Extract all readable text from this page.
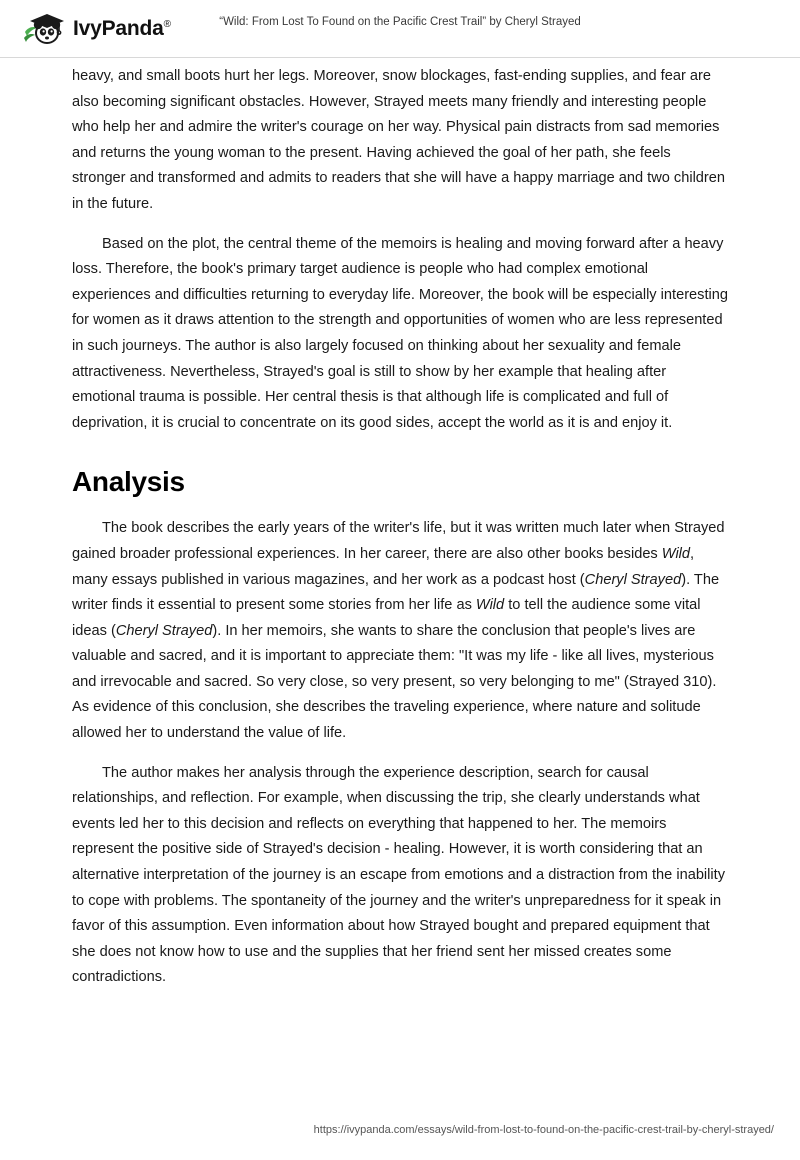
IvyPanda®	“Wild: From Lost To Found on the Pacific Crest Trail” by Cheryl Strayed

heavy, and small boots hurt her legs. Moreover, snow blockages, fast-ending supplies, and fear are also becoming significant obstacles. However, Strayed meets many friendly and interesting people who help her and admire the writer's courage on her way. Physical pain distracts from sad memories and returns the young woman to the present. Having achieved the goal of her path, she feels stronger and transformed and admits to readers that she will have a happy marriage and two children in the future.

Based on the plot, the central theme of the memoirs is healing and moving forward after a heavy loss. Therefore, the book's primary target audience is people who had complex emotional experiences and difficulties returning to everyday life. Moreover, the book will be especially interesting for women as it draws attention to the strength and opportunities of women who are less represented in such journeys. The author is also largely focused on thinking about her sexuality and female attractiveness. Nevertheless, Strayed's goal is still to show by her example that healing after emotional trauma is possible. Her central thesis is that although life is complicated and full of deprivation, it is crucial to concentrate on its good sides, accept the world as it is and enjoy it.

Analysis

The book describes the early years of the writer's life, but it was written much later when Strayed gained broader professional experiences. In her career, there are also other books besides Wild, many essays published in various magazines, and her work as a podcast host (Cheryl Strayed). The writer finds it essential to present some stories from her life as Wild to tell the audience some vital ideas (Cheryl Strayed). In her memoirs, she wants to share the conclusion that people's lives are valuable and sacred, and it is important to appreciate them: "It was my life - like all lives, mysterious and irrevocable and sacred. So very close, so very present, so very belonging to me" (Strayed 310). As evidence of this conclusion, she describes the traveling experience, where nature and solitude allowed her to understand the value of life.

The author makes her analysis through the experience description, search for causal relationships, and reflection. For example, when discussing the trip, she clearly understands what events led her to this decision and reflects on everything that happened to her. The memoirs represent the positive side of Strayed's decision - healing. However, it is worth considering that an alternative interpretation of the journey is an escape from emotions and a distraction from the inability to cope with problems. The spontaneity of the journey and the writer's unpreparedness for it speak in favor of this assumption. Even information about how Strayed bought and prepared equipment that she does not know how to use and the supplies that her friend sent her missed creates some contradictions.

https://ivypanda.com/essays/wild-from-lost-to-found-on-the-pacific-crest-trail-by-cheryl-strayed/
